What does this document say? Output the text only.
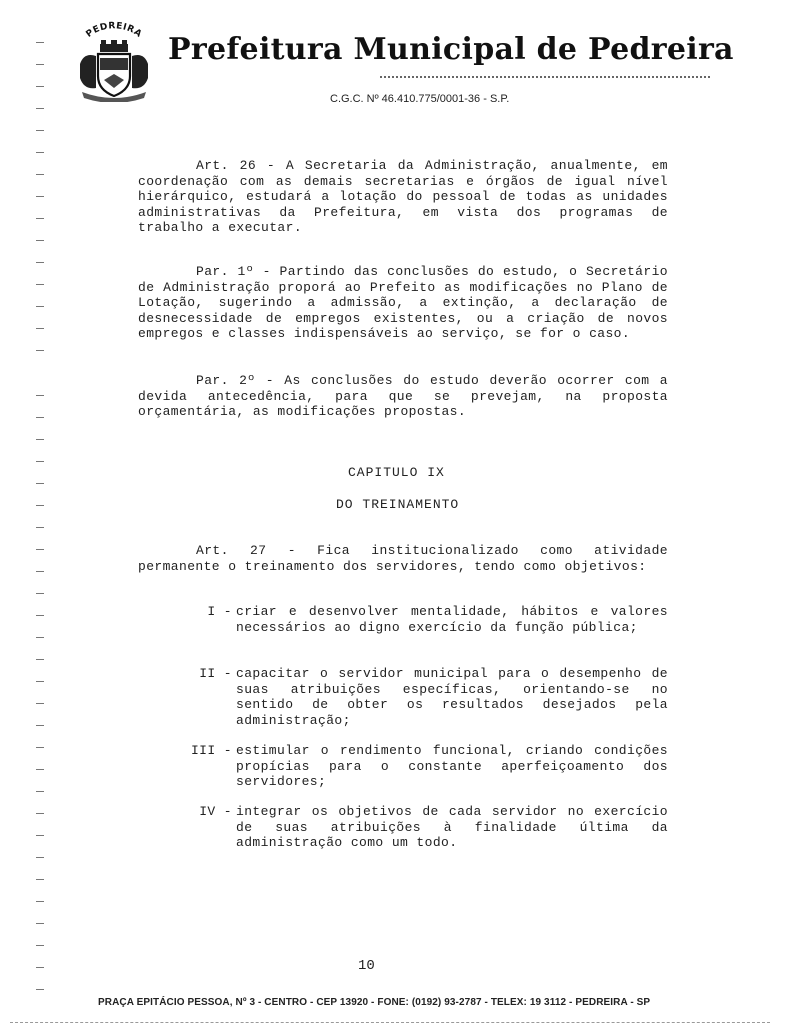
PEDREIRA Prefeitura Municipal de Pedreira
C.G.C. Nº 46.410.775/0001-36 - S.P.

Art. 26 - A Secretaria da Administração, anualmente, em coordenação com as demais secretarias e órgãos de igual nível hierárquico, estudará a lotação do pessoal de todas as unidades administrativas da Prefeitura, em vista dos programas de trabalho a executar.

Par. 1º - Partindo das conclusões do estudo, o Secretário de Administração proporá ao Prefeito as modificações no Plano de Lotação, sugerindo a admissão, a extinção, a declaração de desnecessidade de empregos existentes, ou a criação de novos empregos e classes indispensáveis ao serviço, se for o caso.

Par. 2º - As conclusões do estudo deverão ocorrer com a devida antecedência, para que se prevejam, na proposta orçamentária, as modificações propostas.

CAPITULO IX
DO TREINAMENTO

Art. 27 - Fica institucionalizado como atividade permanente o treinamento dos servidores, tendo como objetivos:

I - criar e desenvolver mentalidade, hábitos e valores necessários ao digno exercício da função pública;
II - capacitar o servidor municipal para o desempenho de suas atribuições específicas, orientando-se no sentido de obter os resultados desejados pela administração;
III - estimular o rendimento funcional, criando condições propícias para o constante aperfeiçoamento dos servidores;
IV - integrar os objetivos de cada servidor no exercício de suas atribuições à finalidade última da administração como um todo.
10
PRAÇA EPITÁCIO PESSOA, Nº 3 - CENTRO - CEP 13920 - FONE: (0192) 93-2787 - TELEX: 19 3112 - PEDREIRA - SP
